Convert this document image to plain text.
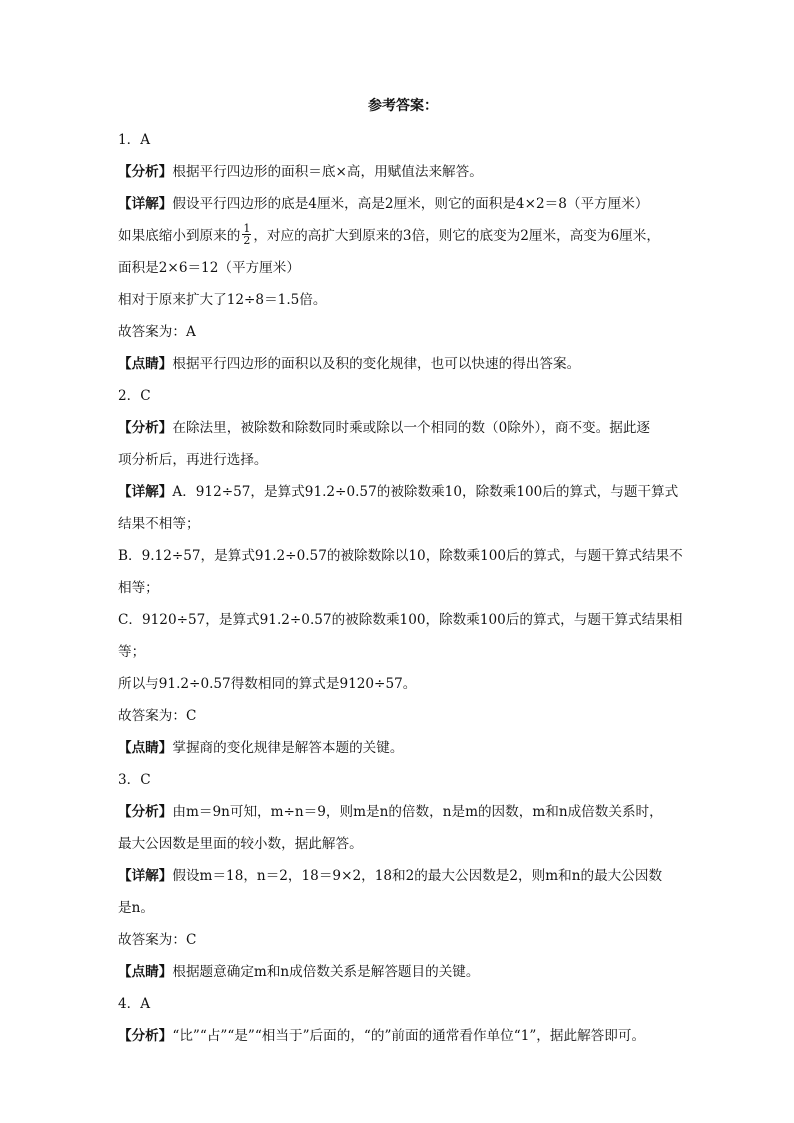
参考答案：
1．A
【分析】根据平行四边形的面积＝底×高，用赋值法来解答。
【详解】假设平行四边形的底是4厘米，高是2厘米，则它的面积是4×2＝8（平方厘米）
如果底缩小到原来的 $\frac{1}{2}$ ，对应的高扩大到原来的3倍，则它的底变为2厘米，高变为6厘米，
面积是2×6＝12（平方厘米）
相对于原来扩大了12÷8＝1.5倍。
故答案为：A
【点睛】根据平行四边形的面积以及积的变化规律，也可以快速的得出答案。
2．C
【分析】在除法里，被除数和除数同时乘或除以一个相同的数（0除外），商不变。据此逐
项分析后，再进行选择。
【详解】A．912÷57，是算式91.2÷0.57的被除数乘10，除数乘100后的算式，与题干算式
结果不相等；
B．9.12÷57，是算式91.2÷0.57的被除数除以10，除数乘100后的算式，与题干算式结果不
相等；
C．9120÷57，是算式91.2÷0.57的被除数乘100，除数乘100后的算式，与题干算式结果相
等；
所以与91.2÷0.57得数相同的算式是9120÷57。
故答案为：C
【点睛】掌握商的变化规律是解答本题的关键。
3．C
【分析】由m＝9n可知，m÷n＝9，则m是n的倍数，n是m的因数，m和n成倍数关系时，
最大公因数是里面的较小数，据此解答。
【详解】假设m＝18，n＝2，18＝9×2，18和2的最大公因数是2，则m和n的最大公因数
是n。
故答案为：C
【点睛】根据题意确定m和n成倍数关系是解答题目的关键。
4．A
【分析】“比”“占”“是”“相当于”后面的，“的”前面的通常看作单位“1”，据此解答即可。
